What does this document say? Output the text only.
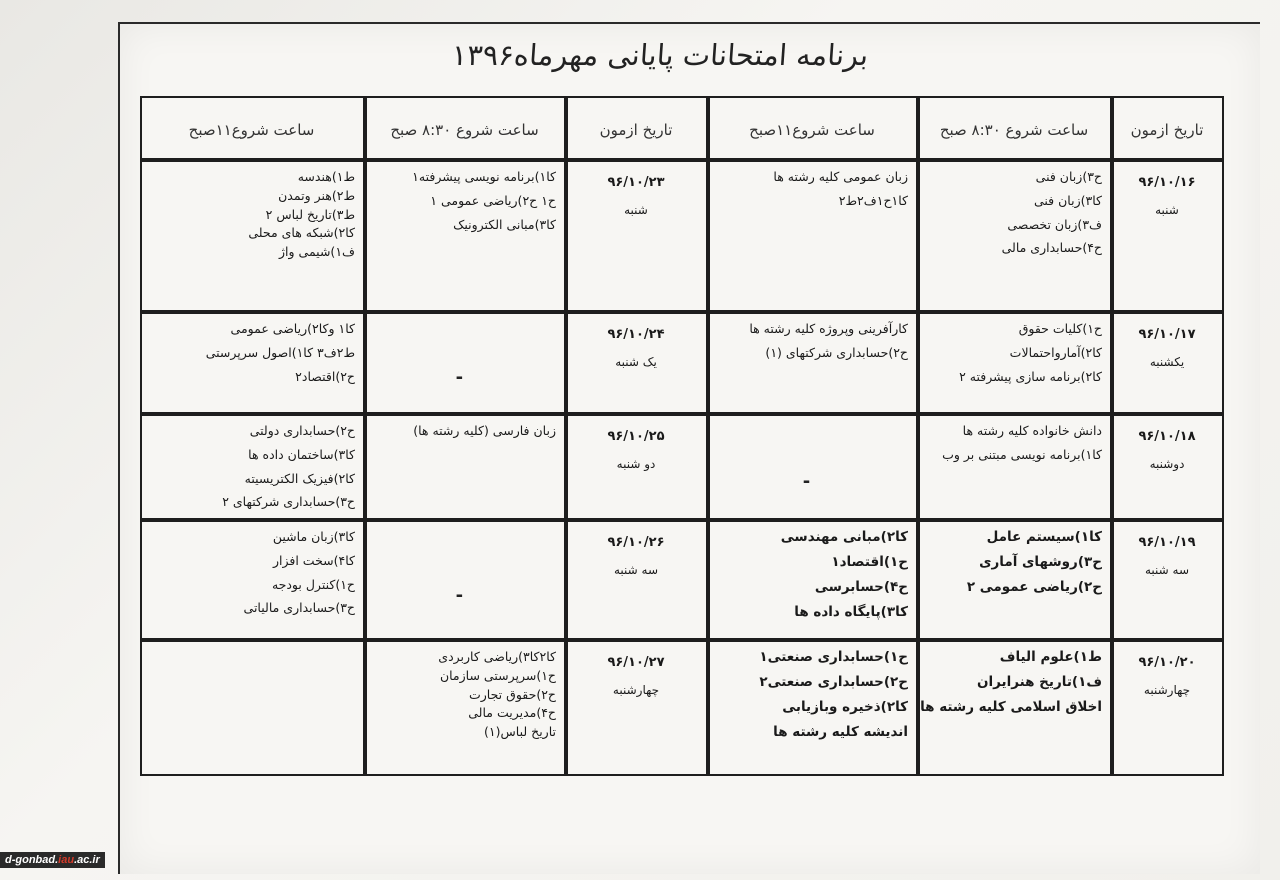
برنامه امتحانات پایانی مهرماه۱۳۹۶
تاریخ ازمون
ساعت شروع ۸:۳۰ صبح
ساعت شروع۱۱صبح
تاریخ ازمون
ساعت شروع ۸:۳۰ صبح
ساعت شروع۱۱صبح
۹۶/۱۰/۱۶
شنبه
ح۳)زبان فنی
کا۳)زبان فنی
ف۳)زبان تخصصی
ح۴)حسابداری مالی
زبان عمومی کلیه رشته ها
کا۱ح۱ف۲ط۲
۹۶/۱۰/۲۳
شنبه
کا۱)برنامه نویسی پیشرفته۱
ح۱ ح۲)ریاضی عمومی ۱
کا۳)مبانی الکترونیک
ط۱)هندسه
ط۲)هنر وتمدن
ط۳)تاریخ لباس ۲
کا۲)شبکه های محلی
ف۱)شیمی واژ
۹۶/۱۰/۱۷
یکشنبه
ح۱)کلیات حقوق
کا۲)آمارواحتمالات
کا۲)برنامه سازی پیشرفته ۲
کارآفرینی وپروژه کلیه رشته ها
ح۲)حسابداری شرکتهای (۱)
۹۶/۱۰/۲۴
یک شنبه
-
کا۱ وکا۲)ریاضی عمومی
ط۲ف۳ کا۱)اصول سرپرستی
ح۲)اقتصاد۲
۹۶/۱۰/۱۸
دوشنبه
دانش خانواده کلیه رشته ها
کا۱)برنامه نویسی مبتنی بر وب
-
۹۶/۱۰/۲۵
دو شنبه
زبان فارسی (کلیه رشته ها)
ح۲)حسابداری دولتی
کا۳)ساختمان داده ها
کا۲)فیزیک الکتریسیته
ح۳)حسابداری شرکتهای ۲
۹۶/۱۰/۱۹
سه شنبه
کا۱)سیستم عامل
ح۳)روشهای آماری
ح۲)ریاضی عمومی ۲
کا۲)مبانی مهندسی
ح۱)اقتصاد۱
ح۴)حسابرسی
کا۳)پایگاه داده ها
۹۶/۱۰/۲۶
سه شنبه
-
کا۳)زبان ماشین
کا۴)سخت افزار
ح۱)کنترل بودجه
ح۳)حسابداری مالیاتی
۹۶/۱۰/۲۰
چهارشنبه
ط۱)علوم الیاف
ف۱)تاریخ هنرایران
اخلاق اسلامی کلیه رشته ها
ح۱)حسابداری صنعتی۱
ح۲)حسابداری صنعتی۲
کا۲)ذخیره وبازیابی
اندیشه کلیه رشته ها
۹۶/۱۰/۲۷
چهارشنبه
کا۲کا۳)ریاضی کاربردی
ح۱)سرپرستی سازمان
ح۲)حقوق تجارت
ح۴)مدیریت مالی
تاریخ لباس(۱)
d-gonbad.iau.ac.ir
